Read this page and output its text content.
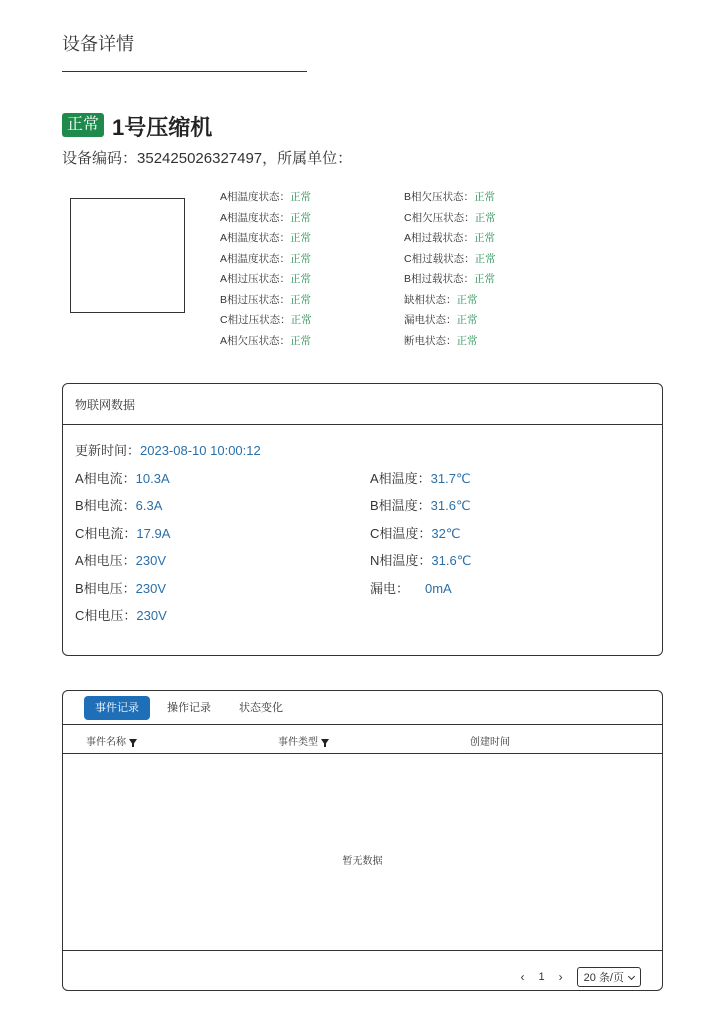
设备详情
正常 1号压缩机
设备编码：352425026327497，所属单位：
A相温度状态：正常
A相温度状态：正常
A相温度状态：正常
A相温度状态：正常
A相过压状态：正常
B相过压状态：正常
C相过压状态：正常
A相欠压状态：正常
B相欠压状态：正常
C相欠压状态：正常
A相过载状态：正常
C相过载状态：正常
B相过载状态：正常
缺相状态：正常
漏电状态：正常
断电状态：正常
物联网数据
更新时间：2023-08-10 10:00:12
A相电流：10.3A
B相电流：6.3A
C相电流：17.9A
A相电压：230V
B相电压：230V
C相电压：230V
A相温度：31.7℃
B相温度：31.6℃
C相温度：32℃
N相温度：31.6℃
漏电： 0mA
事件记录	操作记录	状态变化
事件名称	事件类型	创建时间
暂无数据
‹ 1 ›	20 条/页
